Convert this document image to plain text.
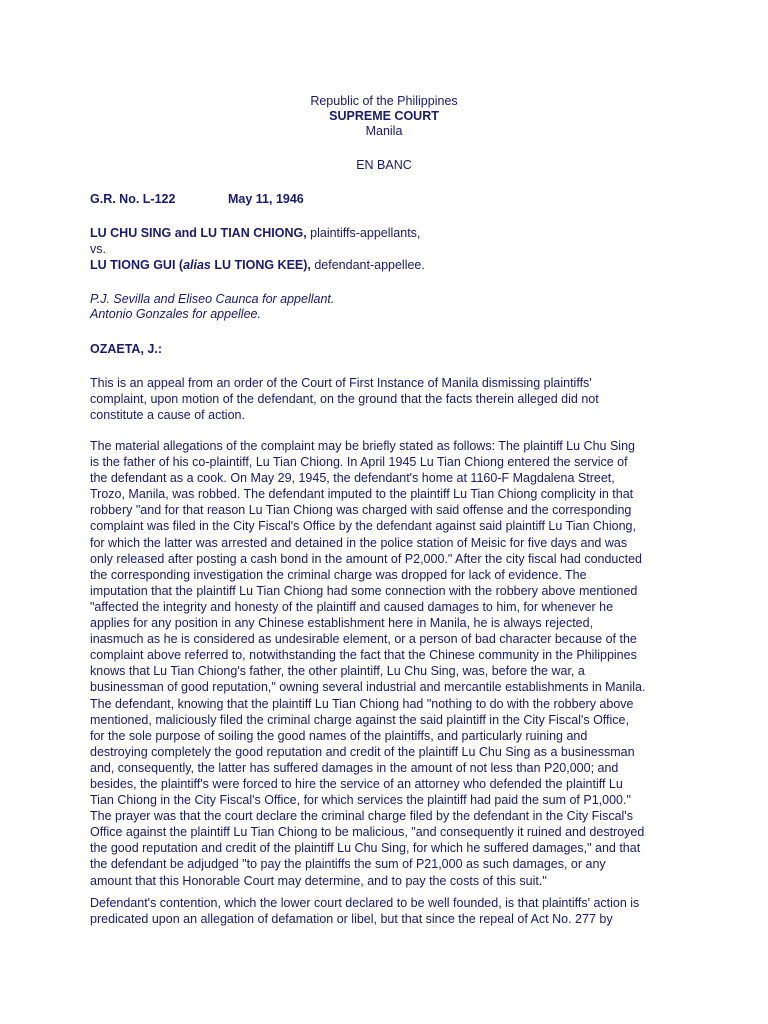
Republic of the Philippines
SUPREME COURT
Manila
EN BANC
G.R. No. L-122	May 11, 1946
LU CHU SING and LU TIAN CHIONG, plaintiffs-appellants,
vs.
LU TIONG GUI (alias LU TIONG KEE), defendant-appellee.
P.J. Sevilla and Eliseo Caunca for appellant.
Antonio Gonzales for appellee.
OZAETA, J.:
This is an appeal from an order of the Court of First Instance of Manila dismissing plaintiffs'
complaint, upon motion of the defendant, on the ground that the facts therein alleged did not
constitute a cause of action.
The material allegations of the complaint may be briefly stated as follows: The plaintiff Lu Chu Sing
is the father of his co-plaintiff, Lu Tian Chiong. In April 1945 Lu Tian Chiong entered the service of
the defendant as a cook. On May 29, 1945, the defendant's home at 1160-F Magdalena Street,
Trozo, Manila, was robbed. The defendant imputed to the plaintiff Lu Tian Chiong complicity in that
robbery "and for that reason Lu Tian Chiong was charged with said offense and the corresponding
complaint was filed in the City Fiscal's Office by the defendant against said plaintiff Lu Tian Chiong,
for which the latter was arrested and detained in the police station of Meisic for five days and was
only released after posting a cash bond in the amount of P2,000." After the city fiscal had conducted
the corresponding investigation the criminal charge was dropped for lack of evidence. The
imputation that the plaintiff Lu Tian Chiong had some connection with the robbery above mentioned
"affected the integrity and honesty of the plaintiff and caused damages to him, for whenever he
applies for any position in any Chinese establishment here in Manila, he is always rejected,
inasmuch as he is considered as undesirable element, or a person of bad character because of the
complaint above referred to, notwithstanding the fact that the Chinese community in the Philippines
knows that Lu Tian Chiong's father, the other plaintiff, Lu Chu Sing, was, before the war, a
businessman of good reputation," owning several industrial and mercantile establishments in Manila.
The defendant, knowing that the plaintiff Lu Tian Chiong had "nothing to do with the robbery above
mentioned, maliciously filed the criminal charge against the said plaintiff in the City Fiscal's Office,
for the sole purpose of soiling the good names of the plaintiffs, and particularly ruining and
destroying completely the good reputation and credit of the plaintiff Lu Chu Sing as a businessman
and, consequently, the latter has suffered damages in the amount of not less than P20,000; and
besides, the plaintiff's were forced to hire the service of an attorney who defended the plaintiff Lu
Tian Chiong in the City Fiscal's Office, for which services the plaintiff had paid the sum of P1,000."
The prayer was that the court declare the criminal charge filed by the defendant in the City Fiscal's
Office against the plaintiff Lu Tian Chiong to be malicious, "and consequently it ruined and destroyed
the good reputation and credit of the plaintiff Lu Chu Sing, for which he suffered damages," and that
the defendant be adjudged "to pay the plaintiffs the sum of P21,000 as such damages, or any
amount that this Honorable Court may determine, and to pay the costs of this suit."
Defendant's contention, which the lower court declared to be well founded, is that plaintiffs' action is
predicated upon an allegation of defamation or libel, but that since the repeal of Act No. 277 by
